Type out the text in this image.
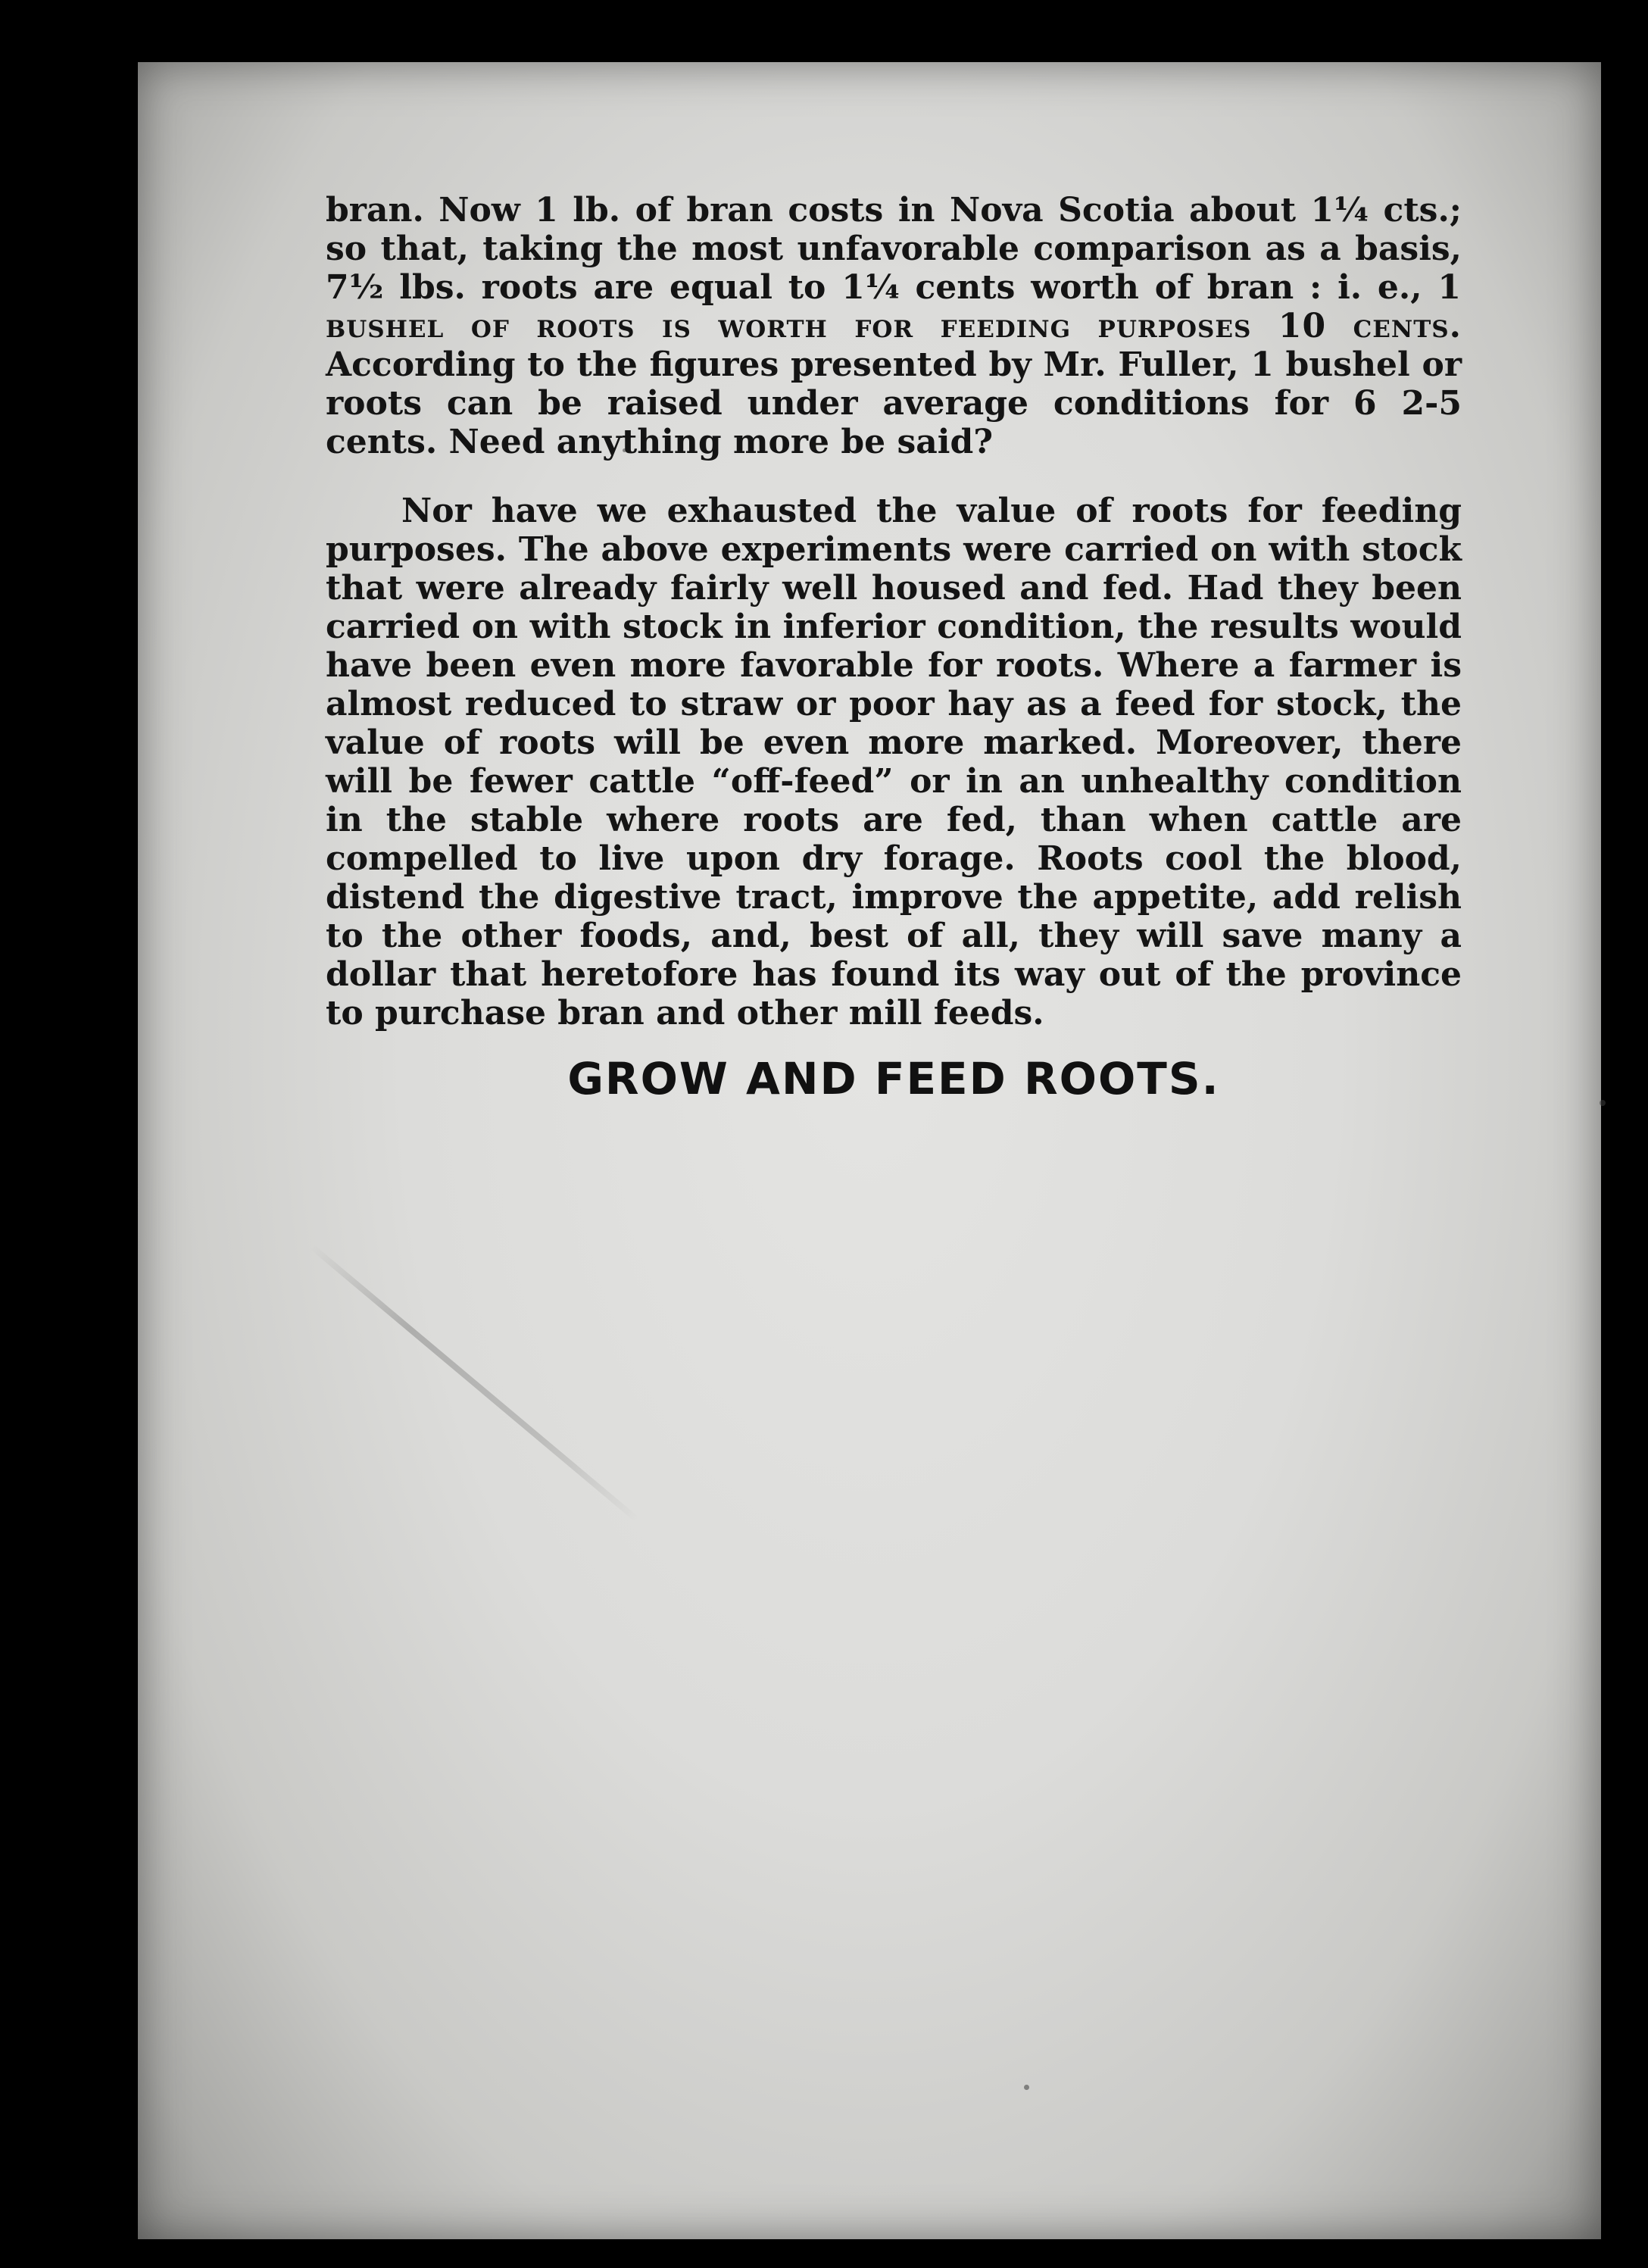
bran. Now 1 lb. of bran costs in Nova Scotia about 1¼ cts.; so that, taking the most unfavorable comparison as a basis, 7½ lbs. roots are equal to 1¼ cents worth of bran : i. e., 1 bushel of roots is worth for feeding purposes 10 cents. According to the figures presented by Mr. Fuller, 1 bushel or roots can be raised under average conditions for 6 2-5 cents. Need anything more be said?

Nor have we exhausted the value of roots for feeding purposes. The above experiments were carried on with stock that were already fairly well housed and fed. Had they been carried on with stock in inferior condition, the results would have been even more favorable for roots. Where a farmer is almost reduced to straw or poor hay as a feed for stock, the value of roots will be even more marked. Moreover, there will be fewer cattle “off-feed” or in an unhealthy condition in the stable where roots are fed, than when cattle are compelled to live upon dry forage. Roots cool the blood, distend the digestive tract, improve the appetite, add relish to the other foods, and, best of all, they will save many a dollar that heretofore has found its way out of the province to purchase bran and other mill feeds.

GROW AND FEED ROOTS.
